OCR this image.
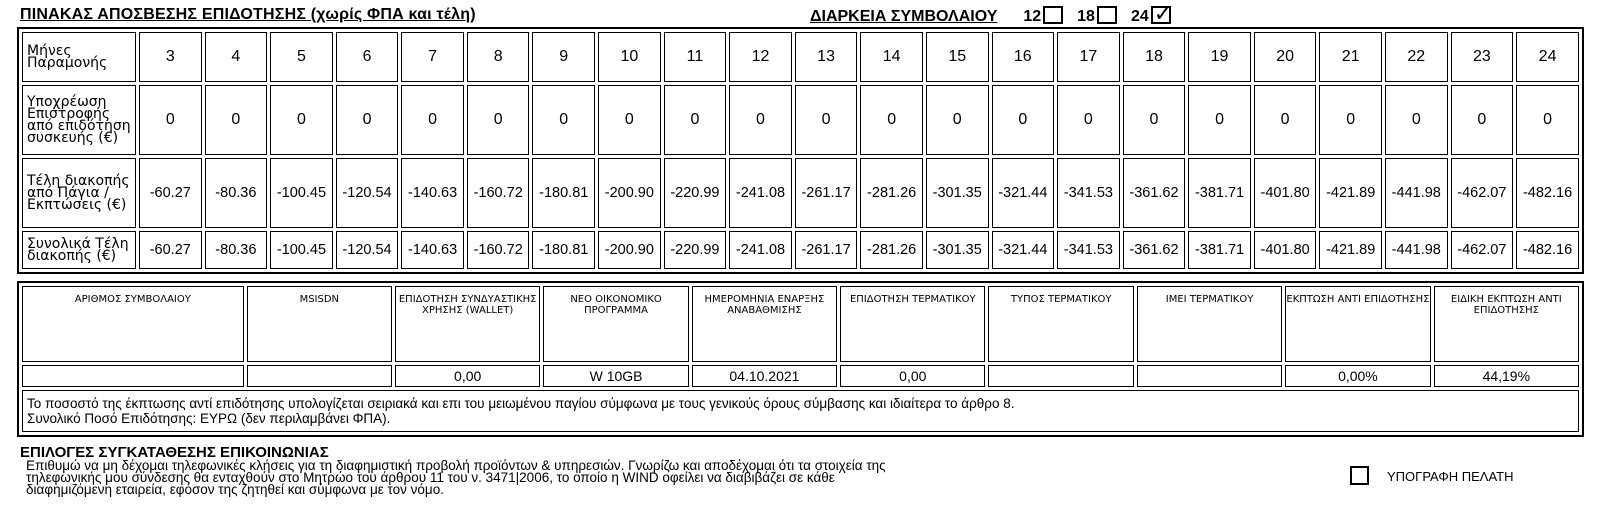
ΠΙΝΑΚΑΣ ΑΠΟΣΒΕΣΗΣ ΕΠΙΔΟΤΗΣΗΣ (χωρίς ΦΠΑ και τέλη)	ΔΙΑΡΚΕΙΑ ΣΥΜΒΟΛΑΙΟΥ 12 18 24
✓
Μήνες Παραμονής	3	4	5	6	7	8	9	10	11	12	13	14	15	16	17	18	19	20	21	22	23	24
Υποχρέωση Επιστροφής από επιδότηση συσκευής (€)	0	0	0	0	0	0	0	0	0	0	0	0	0	0	0	0	0	0	0	0	0	0
Τέλη διακοπής από Πάγια / Εκπτώσεις (€)	-60.27	-80.36	-100.45	-120.54	-140.63	-160.72	-180.81	-200.90	-220.99	-241.08	-261.17	-281.26	-301.35	-321.44	-341.53	-361.62	-381.71	-401.80	-421.89	-441.98	-462.07	-482.16
Συνολικά Τέλη διακοπής (€)	-60.27	-80.36	-100.45	-120.54	-140.63	-160.72	-180.81	-200.90	-220.99	-241.08	-261.17	-281.26	-301.35	-321.44	-341.53	-361.62	-381.71	-401.80	-421.89	-441.98	-462.07	-482.16
ΑΡΙΘΜΟΣ ΣΥΜΒΟΛΑΙΟΥ	MSISDN	ΕΠΙΔΟΤΗΣΗ ΣΥΝΔΥΑΣΤΙΚΗΣ ΧΡΗΣΗΣ (WALLET)	ΝΕΟ ΟΙΚΟΝΟΜΙΚΟ ΠΡΟΓΡΑΜΜΑ	ΗΜΕΡΟΜΗΝΙΑ ΕΝΑΡΞΗΣ ΑΝΑΒΑΘΜΙΣΗΣ	ΕΠΙΔΟΤΗΣΗ ΤΕΡΜΑΤΙΚΟΥ	ΤΥΠΟΣ ΤΕΡΜΑΤΙΚΟΥ	IMEI ΤΕΡΜΑΤΙΚΟΥ	ΕΚΠΤΩΣΗ ΑΝΤΙ ΕΠΙΔΟΤΗΣΗΣ	ΕΙΔΙΚΗ ΕΚΠΤΩΣΗ ΑΝΤΙ ΕΠΙΔΟΤΗΣΗΣ
		0,00	W 10GB	04.10.2021	0,00			0,00%	44,19%

Το ποσοστό της έκπτωσης αντί επιδότησης υπολογίζεται σειριακά και επι του μειωμένου παγίου σύμφωνα με τους γενικούς όρους σύμβασης και ιδιαίτερα το άρθρο 8.
Συνολικό Ποσό Επιδότησης: ΕΥΡΩ (δεν περιλαμβάνει ΦΠΑ).									
ΕΠΙΛΟΓΕΣ ΣΥΓΚΑΤΑΘΕΣΗΣ ΕΠΙΚΟΙΝΩΝΙΑΣ
Επιθυμώ να μη δέχομαι τηλεφωνικές κλήσεις για τη διαφημιστική προβολή προϊόντων & υπηρεσιών. Γνωρίζω και αποδέχομαι ότι τα στοιχεία της
τηλεφωνικής μου σύνδεσης θα ενταχθούν στο Μητρώο του άρθρου 11 του ν. 3471|2006, το οποίο η WIND οφείλει να διαβιβάζει σε κάθε
διαφημιζόμενη εταιρεία, εφόσον της ζητηθεί και σύμφωνα με τον νόμο.
ΥΠΟΓΡΑΦΗ ΠΕΛΑΤΗ
